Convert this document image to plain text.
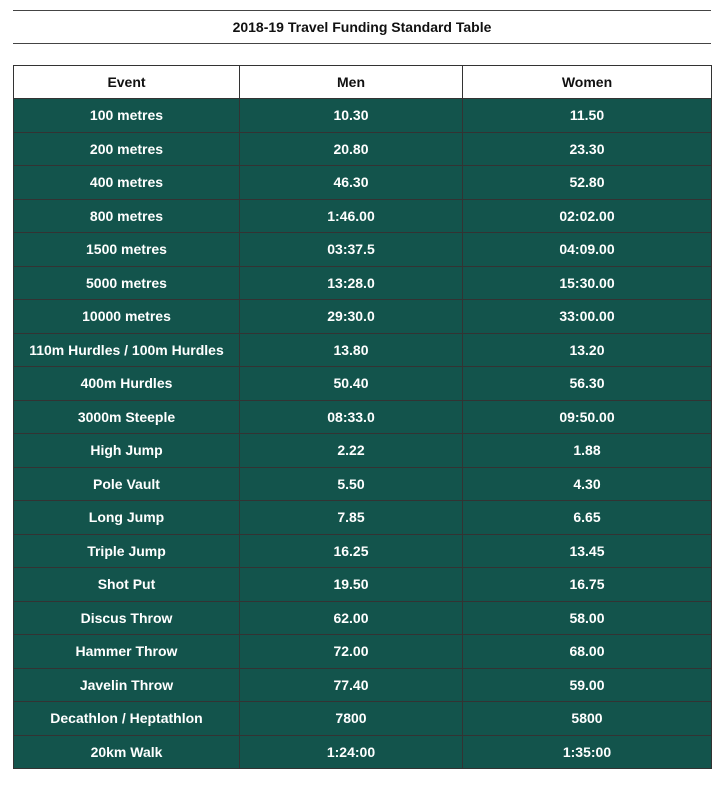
2018-19 Travel Funding Standard Table
Event	Men	Women
100 metres	10.30	11.50
200 metres	20.80	23.30
400 metres	46.30	52.80
800 metres	1:46.00	02:02.00
1500 metres	03:37.5	04:09.00
5000 metres	13:28.0	15:30.00
10000 metres	29:30.0	33:00.00
110m Hurdles / 100m Hurdles	13.80	13.20
400m Hurdles	50.40	56.30
3000m Steeple	08:33.0	09:50.00
High Jump	2.22	1.88
Pole Vault	5.50	4.30
Long Jump	7.85	6.65
Triple Jump	16.25	13.45
Shot Put	19.50	16.75
Discus Throw	62.00	58.00
Hammer Throw	72.00	68.00
Javelin Throw	77.40	59.00
Decathlon / Heptathlon	7800	5800
20km Walk	1:24:00	1:35:00
